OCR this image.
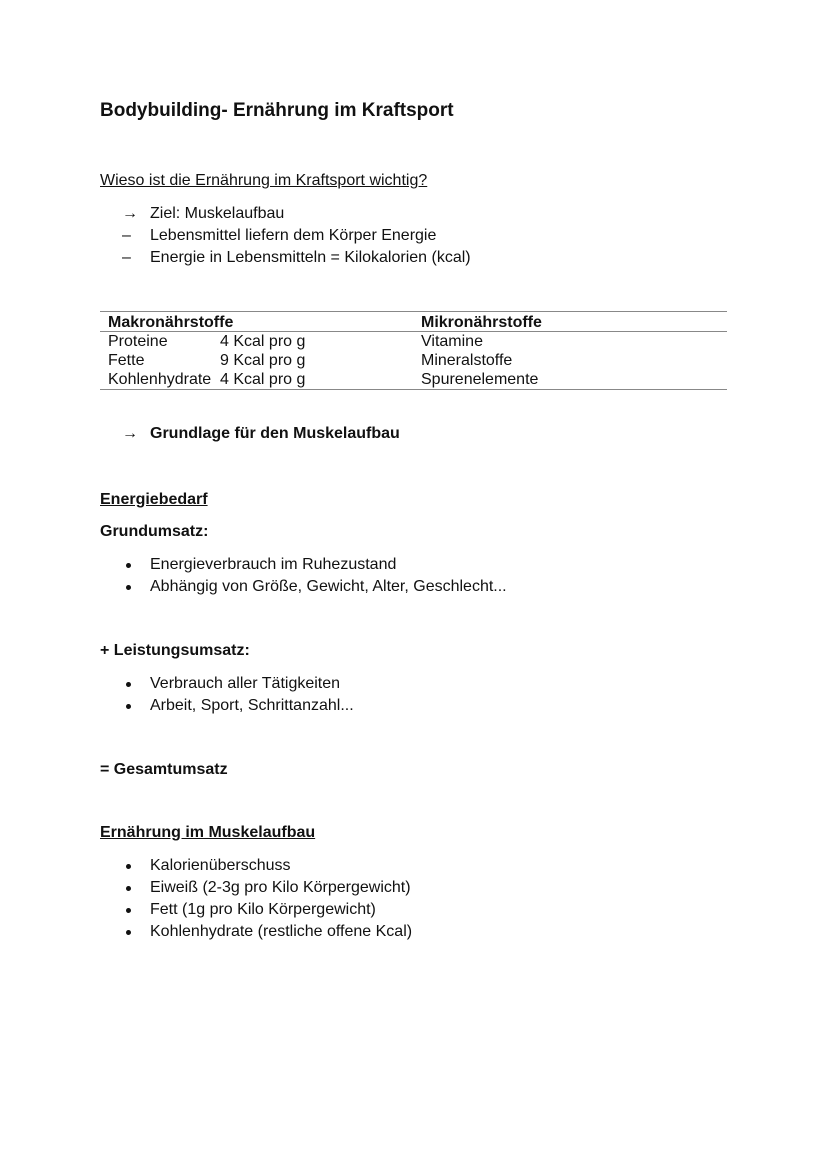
Bodybuilding- Ernährung im Kraftsport
Wieso ist die Ernährung im Kraftsport wichtig?
→ Ziel: Muskelaufbau
–	Lebensmittel liefern dem Körper Energie
–	Energie in Lebensmitteln = Kilokalorien (kcal)
Makronährstoffe	Mikronährstoffe
Proteine	4 Kcal pro g	Vitamine
Fette	9 Kcal pro g	Mineralstoffe
Kohlenhydrate 4 Kcal pro g	Spurenelemente
→ Grundlage für den Muskelaufbau
Energiebedarf
Grundumsatz:
Energieverbrauch im Ruhezustand
Abhängig von Größe, Gewicht, Alter, Geschlecht...
+ Leistungsumsatz:
Verbrauch aller Tätigkeiten
Arbeit, Sport, Schrittanzahl...
= Gesamtumsatz
Ernährung im Muskelaufbau
Kalorienüberschuss
Eiweiß (2-3g pro Kilo Körpergewicht)
Fett (1g pro Kilo Körpergewicht)
Kohlenhydrate (restliche offene Kcal)
